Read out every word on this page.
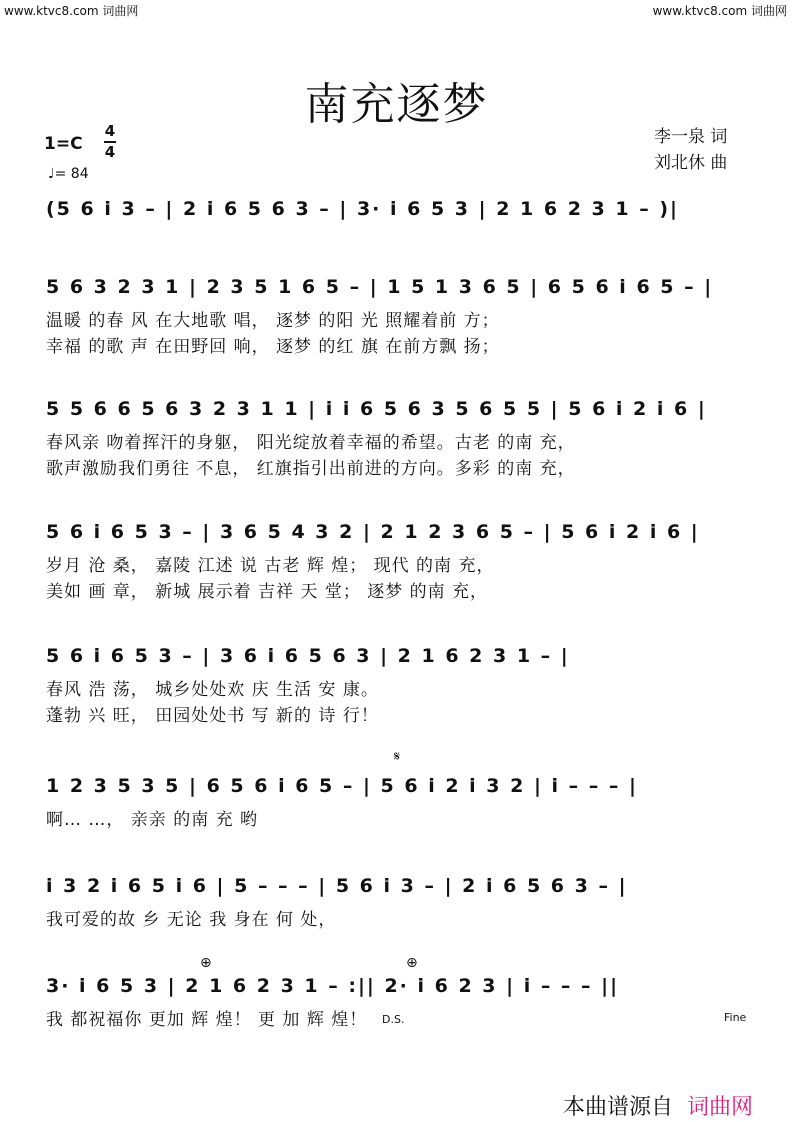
www.ktvc8.com 词曲网	www.ktvc8.com 词曲网
南充逐梦
1=C
4
4
♩= 84
李一泉 词
刘北休 曲
(5 6 i 3 – | 2 i 6 5 6 3 – | 3· i 6 5 3 | 2 1 6 2 3 1 – )|
5 6 3 2 3 1 | 2 3 5 1 6 5 – | 1 5 1 3 6 5 | 6 5 6 i 6 5 – |
温暖 的春 风 在大地歌 唱， 逐梦 的阳 光 照耀着前 方；
幸福 的歌 声 在田野回 响， 逐梦 的红 旗 在前方飘 扬；
5 5 6 6 5 6 3 2 3 1 1 | i i 6 5 6 3 5 6 5 5 | 5 6 i 2 i 6 |
春风亲 吻着挥汗的身躯， 阳光绽放着幸福的希望。古老 的南 充，
歌声激励我们勇往 不息， 红旗指引出前进的方向。多彩 的南 充，
5 6 i 6 5 3 – | 3 6 5 4 3 2 | 2 1 2 3 6 5 – | 5 6 i 2 i 6 |
岁月 沧 桑， 嘉陵 江述 说 古老 辉 煌； 现代 的南 充，
美如 画 章， 新城 展示着 吉祥 天 堂； 逐梦 的南 充，
5 6 i 6 5 3 – | 3 6 i 6 5 6 3 | 2 1 6 2 3 1 – |
春风 浩 荡， 城乡处处欢 庆 生活 安 康。
蓬勃 兴 旺， 田园处处书 写 新的 诗 行！
𝄋
1 2 3 5 3 5 | 6 5 6 i 6 5 – | 5 6 i 2 i 3 2 | i – – – |
啊… …， 亲亲 的南 充 哟
i 3 2 i 6 5 i 6 | 5 – – – | 5 6 i 3 – | 2 i 6 5 6 3 – |
我可爱的故 乡 无论 我 身在 何 处，
⊕	⊕
3· i 6 5 3 | 2 1 6 2 3 1 – :|| 2· i 6 2 3 | i – – – ||
我 都祝福你 更加 辉 煌！ 更 加 辉 煌！ D.S.	Fine
本曲谱源自 词曲网
